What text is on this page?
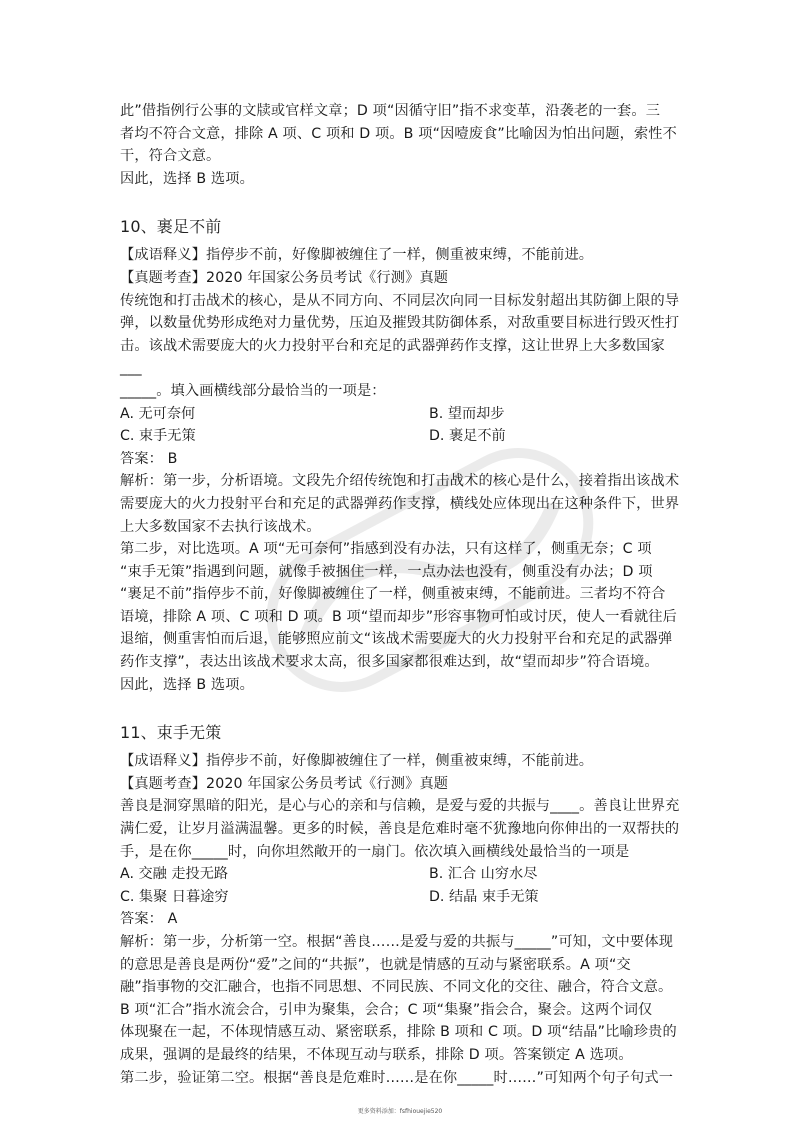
此”借指例行公事的文牍或官样文章；D 项“因循守旧”指不求变革，沿袭老的一套。三

者均不符合文意，排除 A 项、C 项和 D 项。B 项“因噎废食”比喻因为怕出问题，索性不

干，符合文意。

因此，选择 B 选项。

10、裹足不前

【成语释义】指停步不前，好像脚被缠住了一样，侧重被束缚，不能前进。

【真题考查】2020 年国家公务员考试《行测》真题

传统饱和打击战术的核心，是从不同方向、不同层次向同一目标发射超出其防御上限的导

弹，以数量优势形成绝对力量优势，压迫及摧毁其防御体系，对敌重要目标进行毁灭性打

击。该战术需要庞大的火力投射平台和充足的武器弹药作支撑，这让世界上大多数国家___

_____。填入画横线部分最恰当的一项是：

A. 无可奈何	B. 望而却步
C. 束手无策	D. 裹足不前

答案： B

解析：第一步，分析语境。文段先介绍传统饱和打击战术的核心是什么，接着指出该战术

需要庞大的火力投射平台和充足的武器弹药作支撑，横线处应体现出在这种条件下，世界

上大多数国家不去执行该战术。

第二步，对比选项。A 项“无可奈何”指感到没有办法，只有这样了，侧重无奈；C 项

“束手无策”指遇到问题，就像手被捆住一样，一点办法也没有，侧重没有办法；D 项

“裹足不前”指停步不前，好像脚被缠住了一样，侧重被束缚，不能前进。三者均不符合

语境，排除 A 项、C 项和 D 项。B 项“望而却步”形容事物可怕或讨厌，使人一看就往后

退缩，侧重害怕而后退，能够照应前文“该战术需要庞大的火力投射平台和充足的武器弹

药作支撑”，表达出该战术要求太高，很多国家都很难达到，故“望而却步”符合语境。

因此，选择 B 选项。

11、束手无策

【成语释义】指停步不前，好像脚被缠住了一样，侧重被束缚，不能前进。

【真题考查】2020 年国家公务员考试《行测》真题

善良是洞穿黑暗的阳光，是心与心的亲和与信赖，是爱与爱的共振与____。善良让世界充

满仁爱，让岁月溢满温馨。更多的时候，善良是危难时毫不犹豫地向你伸出的一双帮扶的

手，是在你_____时，向你坦然敞开的一扇门。依次填入画横线处最恰当的一项是

A. 交融 走投无路	B. 汇合 山穷水尽
C. 集聚 日暮途穷	D. 结晶 束手无策

答案： A

解析：第一步，分析第一空。根据“善良……是爱与爱的共振与_____”可知，文中要体现

的意思是善良是两份“爱”之间的“共振”，也就是情感的互动与紧密联系。A 项“交

融”指事物的交汇融合，也指不同思想、不同民族、不同文化的交往、融合，符合文意。

B 项“汇合”指水流会合，引申为聚集，会合；C 项“集聚”指会合，聚会。这两个词仅

体现聚在一起，不体现情感互动、紧密联系，排除 B 项和 C 项。D 项“结晶”比喻珍贵的

成果，强调的是最终的结果，不体现互动与联系，排除 D 项。答案锁定 A 选项。

第二步，验证第二空。根据“善良是危难时……是在你_____时……”可知两个句子句式一

更多资料添加：fsfhiouejie520
